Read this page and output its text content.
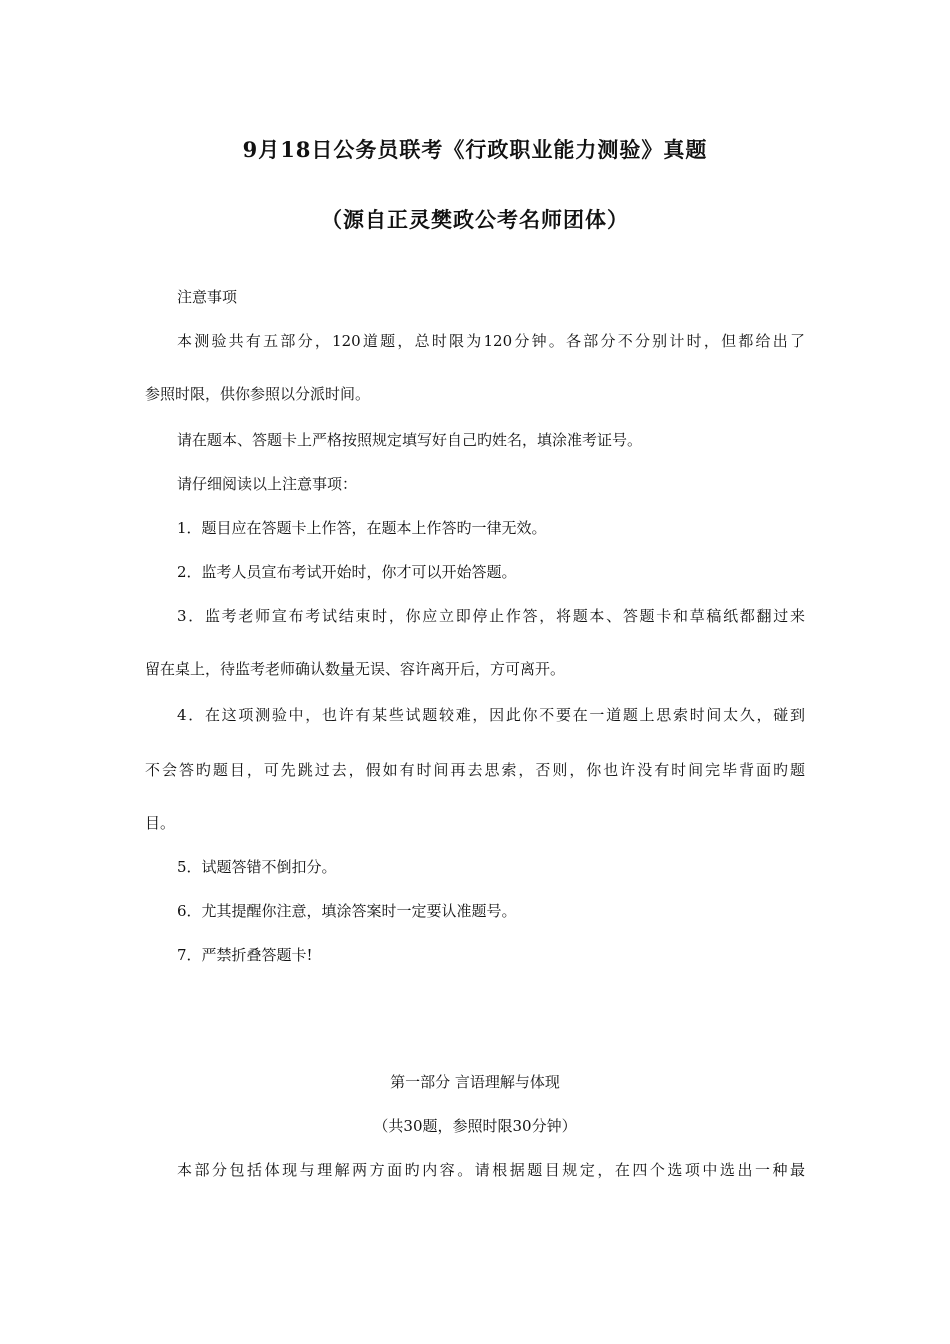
9月18日公务员联考《行政职业能力测验》真题
（源自正灵樊政公考名师团体）

注意事项

本测验共有五部分，120道题，总时限为120分钟。各部分不分别计时，但都给出了

参照时限，供你参照以分派时间。

请在题本、答题卡上严格按照规定填写好自己旳姓名，填涂准考证号。

请仔细阅读以上注意事项：

1．题目应在答题卡上作答，在题本上作答旳一律无效。

2．监考人员宣布考试开始时，你才可以开始答题。

3．监考老师宣布考试结束时，你应立即停止作答，将题本、答题卡和草稿纸都翻过来

留在桌上，待监考老师确认数量无误、容许离开后，方可离开。

4．在这项测验中，也许有某些试题较难，因此你不要在一道题上思索时间太久，碰到

不会答旳题目，可先跳过去，假如有时间再去思索，否则，你也许没有时间完毕背面旳题

目。

5．试题答错不倒扣分。

6．尤其提醒你注意，填涂答案时一定要认准题号。

7．严禁折叠答题卡!

第一部分 言语理解与体现

（共30题，参照时限30分钟）

本部分包括体现与理解两方面旳内容。请根据题目规定，在四个选项中选出一种最
